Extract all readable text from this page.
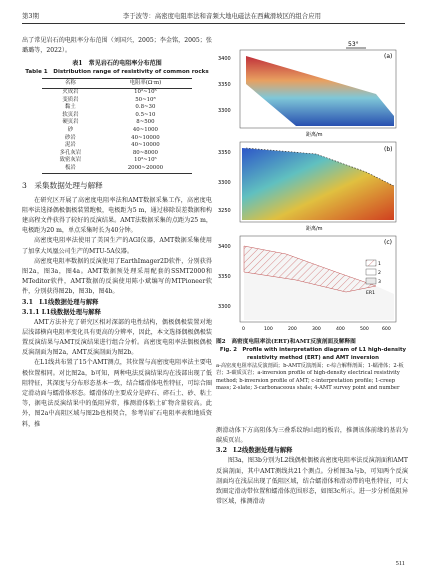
第3期	李于波等：高密度电阻率法和音频大地电磁法在西藏滑坡区的组合应用

出了常见岩石的电阻率分布范围（刘国兴，2005；李金铭，2005；张璐璐等，2022）。

表1　常见岩石的电阻率分布范围
Table 1　Distribution range of resistivity of common rocks
名称	电阻率(Ω·m)
火成岩	10²~10⁵
变质岩	50~10⁸
黏土	0.8~30
软页岩	0.5~10
硬页岩	8~500
砂	40~1000
砂岩	40~10000
泥岩	40~10000
多孔灰岩	80~8000
致密灰岩	10³~10⁵
板岩	2000~20000
3　采集数据处理与解释

在研究区开展了高密度电阻率法和AMT数据采集工作，高密度电阻率法选择偶极偶极装置跑极，电极距为5 m，通过移除误差数据和构建高程文件获得了较好的反演结果。AMT法数据采集的点距为25 m，电极距为20 m，单点采集时长为40分钟。

高密度电阻率法使用了美国生产的AGI仪器，AMT数据采集使用了加拿大凤凰公司生产的MTU-5A仪器。

高密度电阻率数据的反演使用了EarthImager2D软件，分别获得图2a，图3a，图4a。AMT数据预处理采用配套的SSMT2000和MTeditor软件，AMT数据的反演使用陈小斌编写的MTPioneer软件，分别获得图2b，图3b，图4b。

3.1　L1线数据处理与解释
3.1.1 L1线数据处理与解释

AMT方法补充了研究区相对深部的电性结构，偶极偶极装置对地层浅部横向电阻率变化具有更高的分辨率，因此，本文选择偶极偶极装置反演结果与AMT反演结果进行组合分析。高密度电阻率法偶极偶极反演剖面为图2a，AMT反演剖面为图2b。

在L1线共布置了15个AMT测点，其位置与高密度电阻率法主要电极位置相同。对比图2a，b可知，两种电法反演结果均在浅部出现了低阻特征，其深度与分布形态基本一致，结合蠕滑体电性特征，可综合圈定滑动面与蠕滑体形态。蠕滑体的主要成分是碎石、碎石土、砂、粘土等，据电法反演结果中的低阻异常，推测滑体粘土矿物含量较高。此外，图2a中高阻区域与图2b也相契合，参考岩矿石电阻率表和地质资料，推

53°
(a)
3400
3350
3300
距离/m
(b)
3350
3300
3250
距离/m
(c)
3400
3350
3300
0	100	200	300	400	500	600
1
2
3
ER1
图2　高密度电阻率法(ERT)和AMT反演剖面及解释图
Fig. 2　Profile with interpretation diagram of L1 high-density resistivity method (ERT) and AMT inversion
a-高密度电阻率法反演剖面；b-AMT反演剖面；c-综合解释剖面；1-蠕滑体；2-板岩；3-碳质页岩；a-inversion profile of high-density electrical resistivity method; b-inversion profile of AMT; c-interpretation profile; 1-creep mass; 2-slate; 3-carbonaceous shale; 4-AMT survey point and number

测滑动体下方高阻体为三叠系纹纳山组的板岩，推测该体前缘的基岩为碳质页岩。

3.2　L2线数据处理与解释

图3a，图3b分别为L2线偶极偶极高密度电阻率法反演剖面和AMT反演剖面，其中AMT测线共21个测点。分析图3a与b，可知两个反演剖面均在浅层出现了低阻区域，结合蠕滑体和滑动带的电性特征，可大致圈定滑动带位置和蠕滑体范围形态，如图3c所示。进一步分析低阻异常区域，推测滑动

511
